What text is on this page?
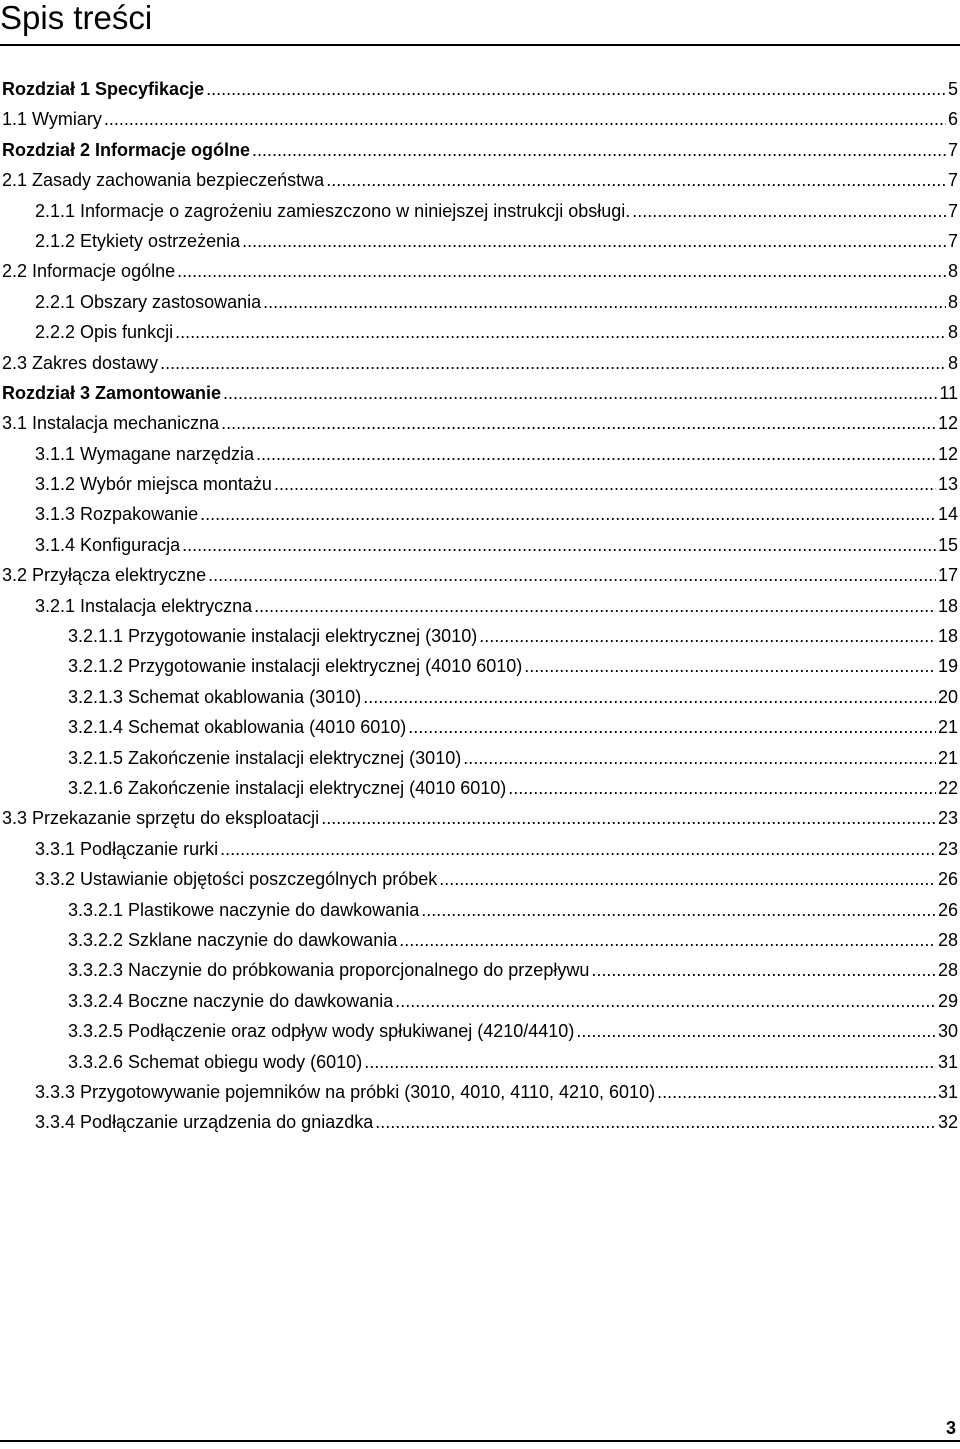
Spis treści
Rozdział 1 Specyfikacje .....	5
1.1 Wymiary .....	6
Rozdział 2 Informacje ogólne .....	7
2.1 Zasady zachowania bezpieczeństwa .....	7
2.1.1 Informacje o zagrożeniu zamieszczono w niniejszej instrukcji obsługi. .....	7
2.1.2 Etykiety ostrzeżenia .....	7
2.2 Informacje ogólne .....	8
2.2.1 Obszary zastosowania .....	8
2.2.2 Opis funkcji .....	8
2.3 Zakres dostawy .....	8
Rozdział 3 Zamontowanie .....	11
3.1 Instalacja mechaniczna .....	12
3.1.1 Wymagane narzędzia .....	12
3.1.2 Wybór miejsca montażu .....	13
3.1.3 Rozpakowanie .....	14
3.1.4 Konfiguracja .....	15
3.2 Przyłącza elektryczne .....	17
3.2.1 Instalacja elektryczna .....	18
3.2.1.1 Przygotowanie instalacji elektrycznej (3010) .....	18
3.2.1.2 Przygotowanie instalacji elektrycznej (4010 6010) .....	19
3.2.1.3 Schemat okablowania (3010) .....	20
3.2.1.4 Schemat okablowania (4010 6010) .....	21
3.2.1.5 Zakończenie instalacji elektrycznej (3010) .....	21
3.2.1.6 Zakończenie instalacji elektrycznej (4010 6010) .....	22
3.3 Przekazanie sprzętu do eksploatacji .....	23
3.3.1 Podłączanie rurki .....	23
3.3.2 Ustawianie objętości poszczególnych próbek .....	26
3.3.2.1 Plastikowe naczynie do dawkowania .....	26
3.3.2.2 Szklane naczynie do dawkowania .....	28
3.3.2.3 Naczynie do próbkowania proporcjonalnego do przepływu .....	28
3.3.2.4 Boczne naczynie do dawkowania .....	29
3.3.2.5 Podłączenie oraz odpływ wody spłukiwanej (4210/4410) .....	30
3.3.2.6 Schemat obiegu wody (6010) .....	31
3.3.3 Przygotowywanie pojemników na próbki (3010, 4010, 4110, 4210, 6010) .....	31
3.3.4 Podłączanie urządzenia do gniazdka .....	32
3
